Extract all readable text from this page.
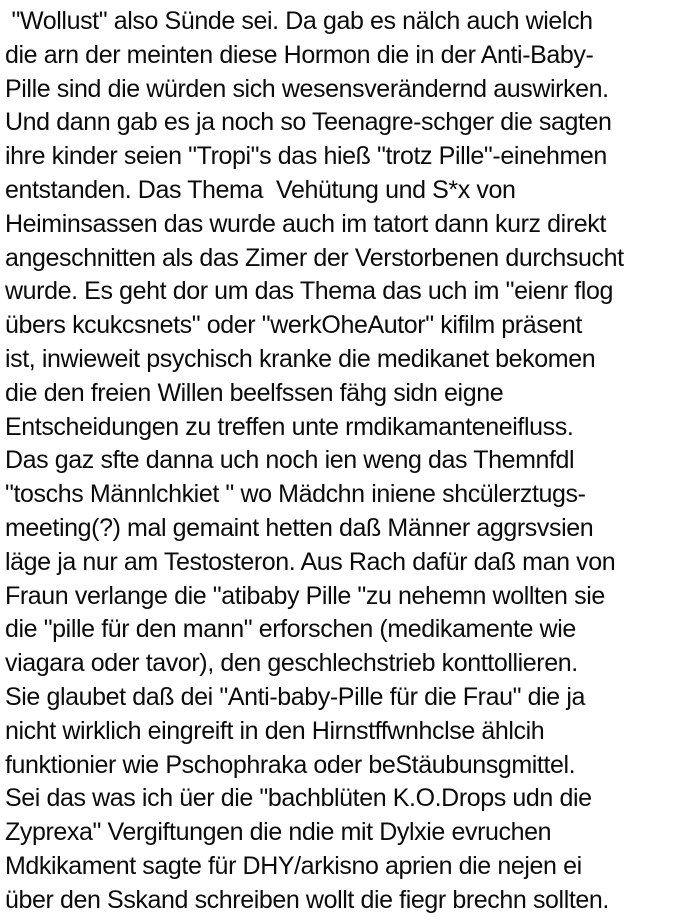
"Wollust" also Sünde sei. Da gab es nälch auch wielch
die arn der meinten diese Hormon die in der Anti-Baby-
Pille sind die würden sich wesensverändernd auswirken.
Und dann gab es ja noch so Teenagre-schger die sagten
ihre kinder seien "Tropi"s das hieß "trotz Pille"-einehmen
entstanden. Das Thema  Vehütung und S*x von
Heiminsassen das wurde auch im tatort dann kurz direkt
angeschnitten als das Zimer der Verstorbenen durchsucht
wurde. Es geht dor um das Thema das uch im "eienr flog
übers kcukcsnets" oder "werkOheAutor" kifilm präsent
ist, inwieweit psychisch kranke die medikanet bekomen
die den freien Willen beelfssen fähg sidn eigne
Entscheidungen zu treffen unte rmdikamanteneifluss.
Das gaz sfte danna uch noch ien weng das Themnfdl
"toschs Männlchkiet " wo Mädchn iniene shcülerztugs-
meeting(?) mal gemaint hetten daß Männer aggrsvsien
läge ja nur am Testosteron. Aus Rach dafür daß man von
Fraun verlange die "atibaby Pille "zu nehemn wollten sie
die "pille für den mann" erforschen (medikamente wie
viagara oder tavor), den geschlechstrieb konttollieren.
Sie glaubet daß dei "Anti-baby-Pille für die Frau" die ja
nicht wirklich eingreift in den Hirnstffwnhclse ählcih
funktionier wie Pschophraka oder beStäubunsgmittel.
Sei das was ich üer die "bachblüten K.O.Drops udn die
Zyprexa" Vergiftungen die ndie mit Dylxie evruchen
Mdkikament sagte für DHY/arkisno aprien die nejen ei
über den Sskand schreiben wollt die fiegr brechn sollten.
